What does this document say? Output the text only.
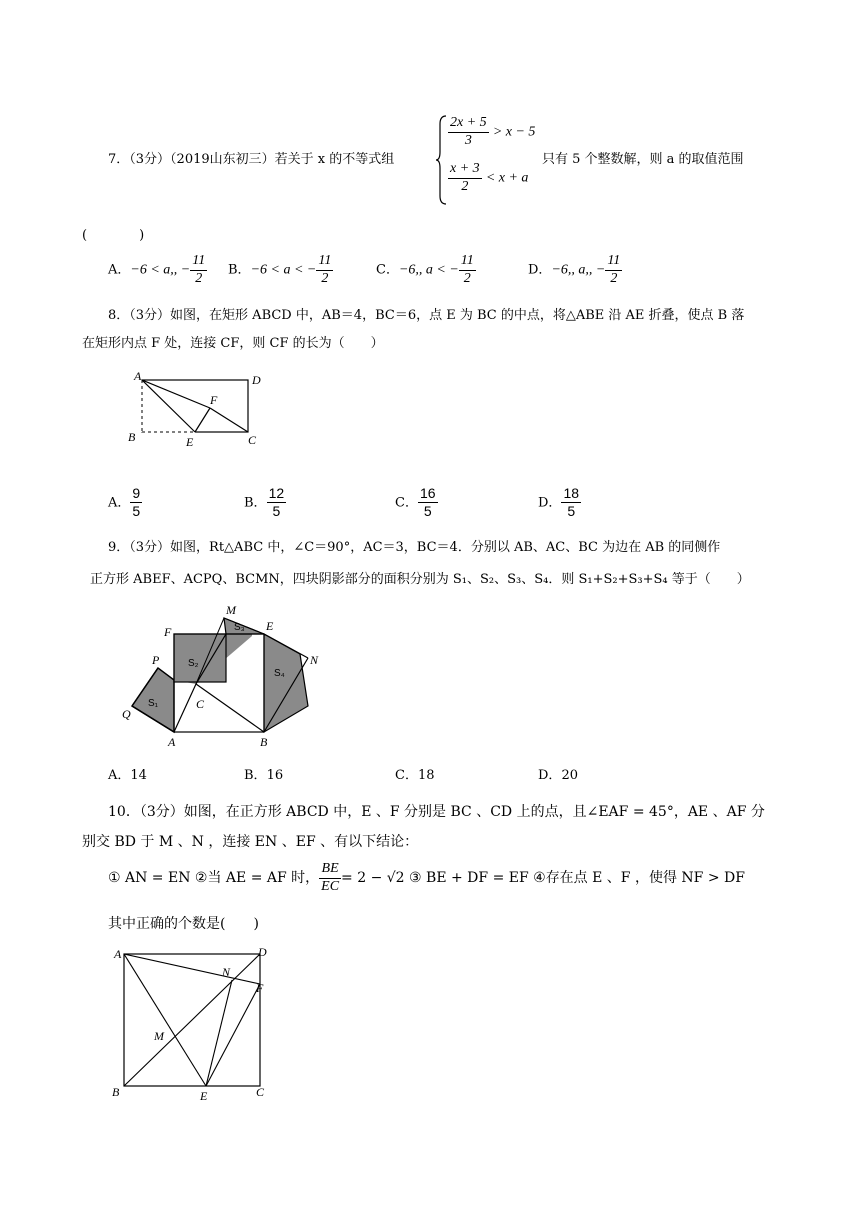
7．（3分）（2019山东初三）若关于 x 的不等式组
$\frac{2x + 5}{3} > x - 5$
$\frac{x + 3}{2} < x + a$
只有 5 个整数解，则 a 的取值范围
(　　　　)
A．−6 < a,, − $\frac{11}{2}$ B．−6 < a < − $\frac{11}{2}$	C．−6,, a < − $\frac{11}{2}$	D．−6,, a,, − $\frac{11}{2}$
8．（3分）如图，在矩形 ABCD 中，AB＝4，BC＝6，点 E 为 BC 的中点，将△ABE 沿 AE 折叠，使点 B 落
在矩形内点 F 处，连接 CF，则 CF 的长为（　　）
A	D
F
B	E	C
A． $\frac{9}{5}$	B． $\frac{12}{5}$	C． $\frac{16}{5}$	D． $\frac{18}{5}$
9．（3分）如图，Rt△ABC 中，∠C＝90°，AC＝3，BC＝4．分别以 AB、AC、BC 为边在 AB 的同侧作
正方形 ABEF、ACPQ、BCMN，四块阴影部分的面积分别为 S₁、S₂、S₃、S₄．则 S₁+S₂+S₃+S₄ 等于（　　）
M
E
F
P	N
Q
C
A	B
S₁
S₂
S₃
S₄
A．14	B．16	C．18	D．20
10．（3分）如图，在正方形 ABCD 中，E 、F 分别是 BC 、CD 上的点，且∠EAF = 45°，AE 、AF 分
别交 BD 于 M 、N ，连接 EN 、EF 、有以下结论：
① AN = EN ②当 AE = AF 时， $\frac{BE}{EC} = 2 - √2$ ③ BE + DF = EF ④存在点 E 、F ，使得 NF > DF
其中正确的个数是(　　)
A	D
N
F
M
B	E	C
